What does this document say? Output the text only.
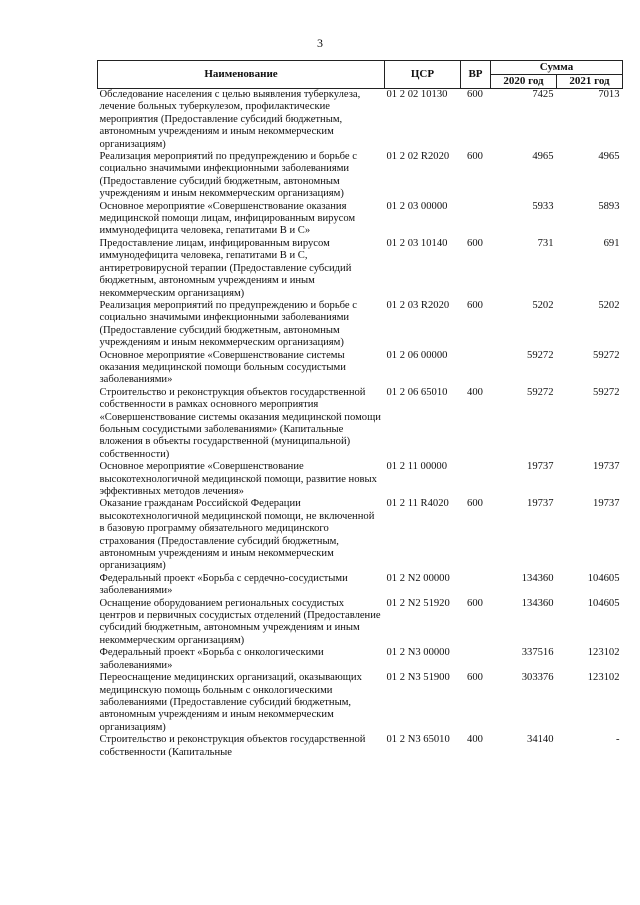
3
Наименование	ЦСР	ВР	Сумма	
			2020 год	2021 год
Обследование населения с целью выявления туберкулеза, лечение больных туберкулезом, профилактические мероприятия (Предоставление субсидий бюджетным, автономным учреждениям и иным некоммерческим организациям)	01 2 02 10130	600	7425	7013
Реализация мероприятий по предупреждению и борьбе с социально значимыми инфекционными заболеваниями (Предоставление субсидий бюджетным, автономным учреждениям и иным некоммерческим организациям)	01 2 02 R2020	600	4965	4965
Основное мероприятие «Совершенствование оказания медицинской помощи лицам, инфицированным вирусом иммунодефицита человека, гепатитами В и С»	01 2 03 00000		5933	5893
Предоставление лицам, инфицированным вирусом иммунодефицита человека, гепатитами В и С, антиретровирусной терапии (Предоставление субсидий бюджетным, автономным учреждениям и иным некоммерческим организациям)	01 2 03 10140	600	731	691
Реализация мероприятий по предупреждению и борьбе с социально значимыми инфекционными заболеваниями (Предоставление субсидий бюджетным, автономным учреждениям и иным некоммерческим организациям)	01 2 03 R2020	600	5202	5202
Основное мероприятие «Совершенствование системы оказания медицинской помощи больным сосудистыми заболеваниями»	01 2 06 00000		59272	59272
Строительство и реконструкция объектов государственной собственности в рамках основного мероприятия «Совершенствование системы оказания медицинской помощи больным сосудистыми заболеваниями» (Капитальные вложения в объекты государственной (муниципальной) собственности)	01 2 06 65010	400	59272	59272
Основное мероприятие «Совершенствование высокотехнологичной медицинской помощи, развитие новых эффективных методов лечения»	01 2 11 00000		19737	19737
Оказание гражданам Российской Федерации высокотехнологичной медицинской помощи, не включенной в базовую программу обязательного медицинского страхования (Предоставление субсидий бюджетным, автономным учреждениям и иным некоммерческим организациям)	01 2 11 R4020	600	19737	19737
Федеральный проект «Борьба с сердечно-сосудистыми заболеваниями»	01 2 N2 00000		134360	104605
Оснащение оборудованием региональных сосудистых центров и первичных сосудистых отделений (Предоставление субсидий бюджетным, автономным учреждениям и иным некоммерческим организациям)	01 2 N2 51920	600	134360	104605
Федеральный проект «Борьба с онкологическими заболеваниями»	01 2 N3 00000		337516	123102
Переоснащение медицинских организаций, оказывающих медицинскую помощь больным с онкологическими заболеваниями (Предоставление субсидий бюджетным, автономным учреждениям и иным некоммерческим организациям)	01 2 N3 51900	600	303376	123102
Строительство и реконструкция объектов государственной собственности (Капитальные	01 2 N3 65010	400	34140	-
